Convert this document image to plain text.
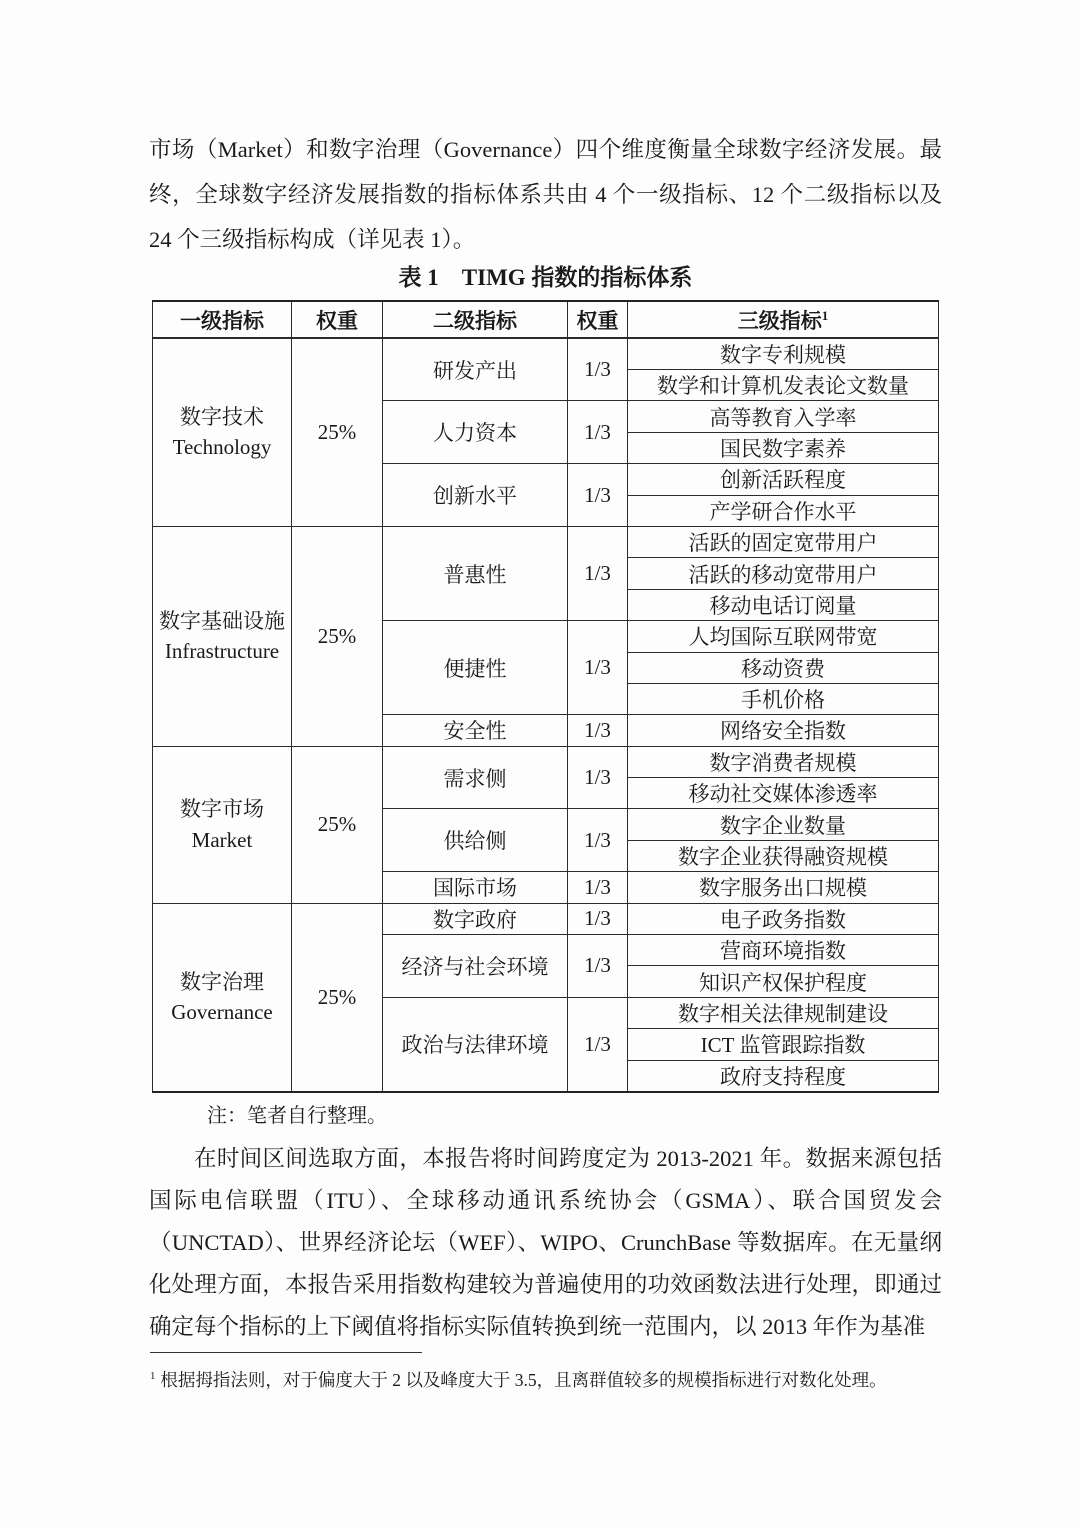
市场（Market）和数字治理（Governance）四个维度衡量全球数字经济发展。最终，全球数字经济发展指数的指标体系共由 4 个一级指标、12 个二级指标以及 24 个三级指标构成（详见表 1）。
表 1　TIMG 指数的指标体系
一级指标	权重	二级指标	权重	三级指标$^1$

数字技术
Technology	25%	研发产出	1/3	数字专利规模
				数学和计算机发表论文数量
		人力资本	1/3	高等教育入学率
				国民数字素养
		创新水平	1/3	创新活跃程度
				产学研合作水平

数字基础设施
Infrastructure	25%	普惠性	1/3	活跃的固定宽带用户
				活跃的移动宽带用户
				移动电话订阅量
		便捷性	1/3	人均国际互联网带宽
				移动资费
				手机价格
		安全性	1/3	网络安全指数

数字市场
Market	25%	需求侧	1/3	数字消费者规模
				移动社交媒体渗透率
		供给侧	1/3	数字企业数量
				数字企业获得融资规模
		国际市场	1/3	数字服务出口规模

数字治理
Governance	25%	数字政府	1/3	电子政务指数
		经济与社会环境	1/3	营商环境指数
				知识产权保护程度
		政治与法律环境	1/3	数字相关法律规制建设
				ICT 监管跟踪指数
				政府支持程度
注：笔者自行整理。
在时间区间选取方面，本报告将时间跨度定为 2013-2021 年。数据来源包括国际电信联盟（ITU）、全球移动通讯系统协会（GSMA）、联合国贸发会（UNCTAD）、世界经济论坛（WEF）、WIPO、CrunchBase 等数据库。在无量纲化处理方面，本报告采用指数构建较为普遍使用的功效函数法进行处理，即通过确定每个指标的上下阈值将指标实际值转换到统一范围内，以 2013 年作为基准
$^1$ 根据拇指法则，对于偏度大于 2 以及峰度大于 3.5，且离群值较多的规模指标进行对数化处理。
